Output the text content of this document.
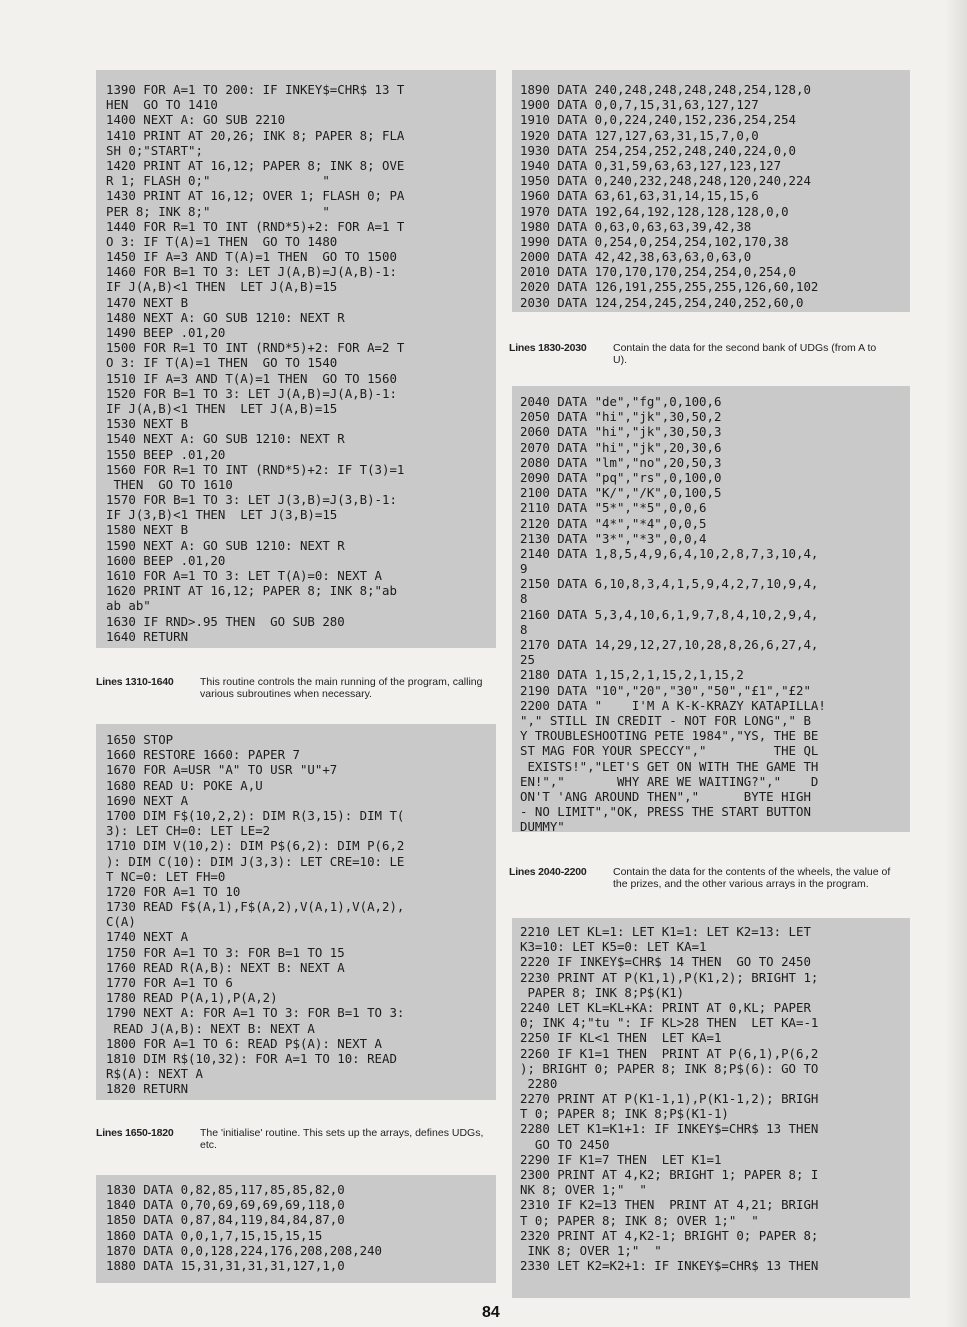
1390 FOR A=1 TO 200: IF INKEY$=CHR$ 13 T
HEN  GO TO 1410
1400 NEXT A: GO SUB 2210
1410 PRINT AT 20,26; INK 8; PAPER 8; FLA
SH 0;"START";
1420 PRINT AT 16,12; PAPER 8; INK 8; OVE
R 1; FLASH 0;"               "
1430 PRINT AT 16,12; OVER 1; FLASH 0; PA
PER 8; INK 8;"               "
1440 FOR R=1 TO INT (RND*5)+2: FOR A=1 T
O 3: IF T(A)=1 THEN  GO TO 1480
1450 IF A=3 AND T(A)=1 THEN  GO TO 1500
1460 FOR B=1 TO 3: LET J(A,B)=J(A,B)-1:
IF J(A,B)<1 THEN  LET J(A,B)=15
1470 NEXT B
1480 NEXT A: GO SUB 1210: NEXT R
1490 BEEP .01,20
1500 FOR R=1 TO INT (RND*5)+2: FOR A=2 T
O 3: IF T(A)=1 THEN  GO TO 1540
1510 IF A=3 AND T(A)=1 THEN  GO TO 1560
1520 FOR B=1 TO 3: LET J(A,B)=J(A,B)-1:
IF J(A,B)<1 THEN  LET J(A,B)=15
1530 NEXT B
1540 NEXT A: GO SUB 1210: NEXT R
1550 BEEP .01,20
1560 FOR R=1 TO INT (RND*5)+2: IF T(3)=1
THEN  GO TO 1610
1570 FOR B=1 TO 3: LET J(3,B)=J(3,B)-1:
IF J(3,B)<1 THEN  LET J(3,B)=15
1580 NEXT B
1590 NEXT A: GO SUB 1210: NEXT R
1600 BEEP .01,20
1610 FOR A=1 TO 3: LET T(A)=0: NEXT A
1620 PRINT AT 16,12; PAPER 8; INK 8;"ab
ab ab"
1630 IF RND>.95 THEN  GO SUB 280
1640 RETURN
Lines 1310-1640	This routine controls the main running of the program, calling various subroutines when necessary.
1650 STOP
1660 RESTORE 1660: PAPER 7
1670 FOR A=USR "A" TO USR "U"+7
1680 READ U: POKE A,U
1690 NEXT A
1700 DIM F$(10,2,2): DIM R(3,15): DIM T(
3): LET CH=0: LET LE=2
1710 DIM V(10,2): DIM P$(6,2): DIM P(6,2
): DIM C(10): DIM J(3,3): LET CRE=10: LE
T NC=0: LET FH=0
1720 FOR A=1 TO 10
1730 READ F$(A,1),F$(A,2),V(A,1),V(A,2),
C(A)
1740 NEXT A
1750 FOR A=1 TO 3: FOR B=1 TO 15
1760 READ R(A,B): NEXT B: NEXT A
1770 FOR A=1 TO 6
1780 READ P(A,1),P(A,2)
1790 NEXT A: FOR A=1 TO 3: FOR B=1 TO 3:
READ J(A,B): NEXT B: NEXT A
1800 FOR A=1 TO 6: READ P$(A): NEXT A
1810 DIM R$(10,32): FOR A=1 TO 10: READ
R$(A): NEXT A
1820 RETURN
Lines 1650-1820	The 'initialise' routine. This sets up the arrays, defines UDGs, etc.
1830 DATA 0,82,85,117,85,85,82,0
1840 DATA 0,70,69,69,69,69,118,0
1850 DATA 0,87,84,119,84,84,87,0
1860 DATA 0,0,1,7,15,15,15,15
1870 DATA 0,0,128,224,176,208,208,240
1880 DATA 15,31,31,31,31,127,1,0
1890 DATA 240,248,248,248,248,254,128,0
1900 DATA 0,0,7,15,31,63,127,127
1910 DATA 0,0,224,240,152,236,254,254
1920 DATA 127,127,63,31,15,7,0,0
1930 DATA 254,254,252,248,240,224,0,0
1940 DATA 0,31,59,63,63,127,123,127
1950 DATA 0,240,232,248,248,120,240,224
1960 DATA 63,61,63,31,14,15,15,6
1970 DATA 192,64,192,128,128,128,0,0
1980 DATA 0,63,0,63,63,39,42,38
1990 DATA 0,254,0,254,254,102,170,38
2000 DATA 42,42,38,63,63,0,63,0
2010 DATA 170,170,170,254,254,0,254,0
2020 DATA 126,191,255,255,255,126,60,102
2030 DATA 124,254,245,254,240,252,60,0
Lines 1830-2030	Contain the data for the second bank of UDGs (from A to U).
2040 DATA "de","fg",0,100,6
2050 DATA "hi","jk",30,50,2
2060 DATA "hi","jk",30,50,3
2070 DATA "hi","jk",20,30,6
2080 DATA "lm","no",20,50,3
2090 DATA "pq","rs",0,100,0
2100 DATA "K/","/K",0,100,5
2110 DATA "5*","*5",0,0,6
2120 DATA "4*","*4",0,0,5
2130 DATA "3*","*3",0,0,4
2140 DATA 1,8,5,4,9,6,4,10,2,8,7,3,10,4,
9
2150 DATA 6,10,8,3,4,1,5,9,4,2,7,10,9,4,
8
2160 DATA 5,3,4,10,6,1,9,7,8,4,10,2,9,4,
8
2170 DATA 14,29,12,27,10,28,8,26,6,27,4,
25
2180 DATA 1,15,2,1,15,2,1,15,2
2190 DATA "10","20","30","50","£1","£2"
2200 DATA "    I'M A K-K-KRAZY KATAPILLA!
"," STILL IN CREDIT - NOT FOR LONG"," B
Y TROUBLESHOOTING PETE 1984","YS, THE BE
ST MAG FOR YOUR SPECCY","         THE QL
EXISTS!","LET'S GET ON WITH THE GAME TH
EN!","       WHY ARE WE WAITING?","    D
ON'T 'ANG AROUND THEN","      BYTE HIGH
- NO LIMIT","OK, PRESS THE START BUTTON
DUMMY"
Lines 2040-2200	Contain the data for the contents of the wheels, the value of the prizes, and the other various arrays in the program.
2210 LET KL=1: LET K1=1: LET K2=13: LET
K3=10: LET K5=0: LET KA=1
2220 IF INKEY$=CHR$ 14 THEN  GO TO 2450
2230 PRINT AT P(K1,1),P(K1,2); BRIGHT 1;
PAPER 8; INK 8;P$(K1)
2240 LET KL=KL+KA: PRINT AT 0,KL; PAPER
0; INK 4;"tu ": IF KL>28 THEN  LET KA=-1
2250 IF KL<1 THEN  LET KA=1
2260 IF K1=1 THEN  PRINT AT P(6,1),P(6,2
); BRIGHT 0; PAPER 8; INK 8;P$(6): GO TO
2280
2270 PRINT AT P(K1-1,1),P(K1-1,2); BRIGH
T 0; PAPER 8; INK 8;P$(K1-1)
2280 LET K1=K1+1: IF INKEY$=CHR$ 13 THEN
GO TO 2450
2290 IF K1=7 THEN  LET K1=1
2300 PRINT AT 4,K2; BRIGHT 1; PAPER 8; I
NK 8; OVER 1;"  "
2310 IF K2=13 THEN  PRINT AT 4,21; BRIGH
T 0; PAPER 8; INK 8; OVER 1;"  "
2320 PRINT AT 4,K2-1; BRIGHT 0; PAPER 8;
INK 8; OVER 1;"  "
2330 LET K2=K2+1: IF INKEY$=CHR$ 13 THEN
84
